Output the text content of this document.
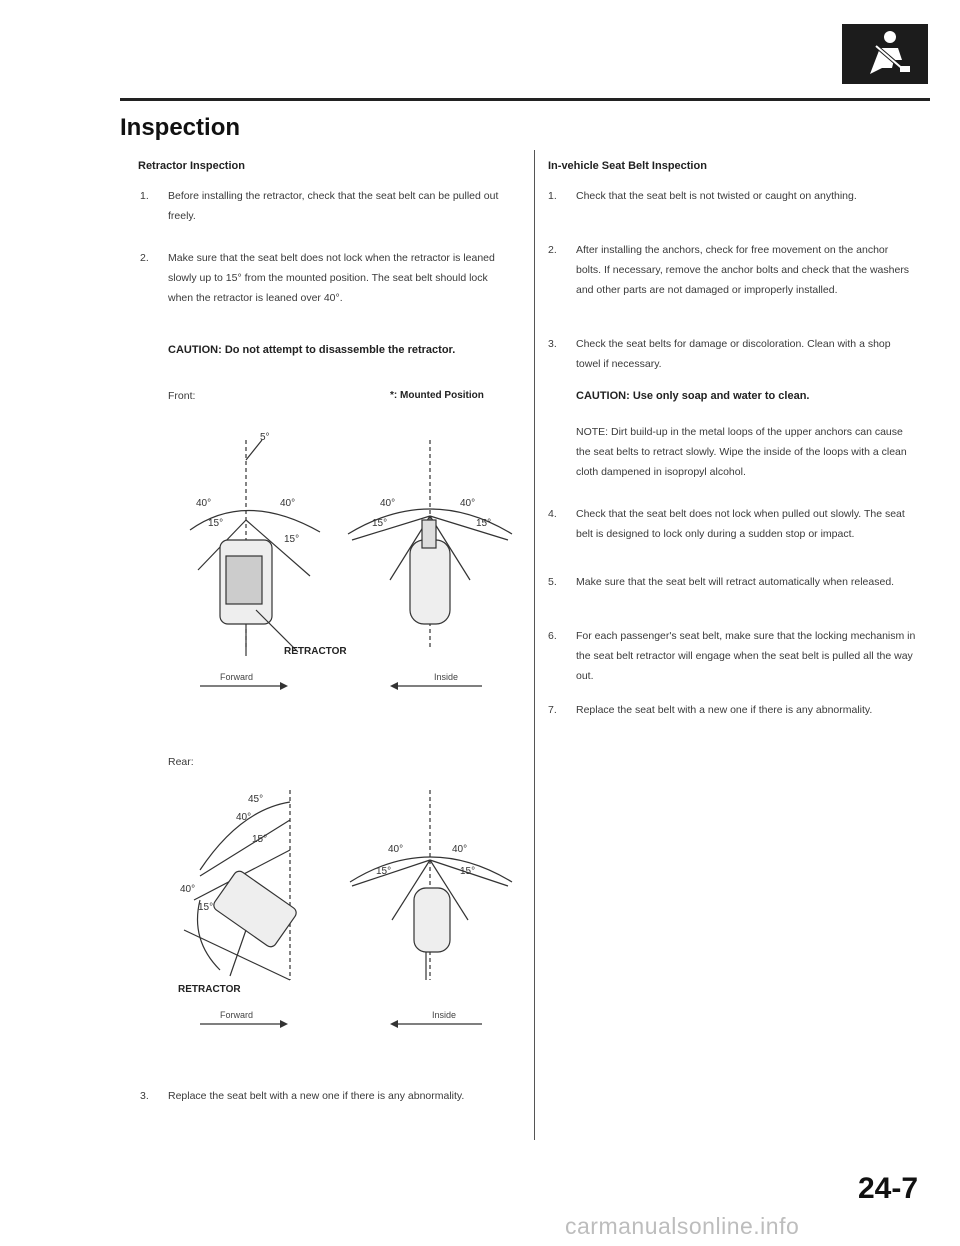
Inspection
Retractor Inspection
1. Before installing the retractor, check that the seat belt can be pulled out freely.
2. Make sure that the seat belt does not lock when the retractor is leaned slowly up to 15° from the mounted position. The seat belt should lock when the retractor is leaned over 40°.
CAUTION: Do not attempt to disassemble the retractor.
Front:	*: Mounted Position
5°
40°	40°
15°
15°
40°	40°
15°	15°
RETRACTOR
Forward	Inside
Rear:
45°
40°
15°
40°
15°
40°	40°
15°	15°
RETRACTOR
Forward	Inside
3. Replace the seat belt with a new one if there is any abnormality.
In-vehicle Seat Belt Inspection
1. Check that the seat belt is not twisted or caught on anything.
2. After installing the anchors, check for free movement on the anchor bolts. If necessary, remove the anchor bolts and check that the washers and other parts are not damaged or improperly installed.
3. Check the seat belts for damage or discoloration. Clean with a shop towel if necessary.
CAUTION: Use only soap and water to clean.
NOTE: Dirt build-up in the metal loops of the upper anchors can cause the seat belts to retract slowly. Wipe the inside of the loops with a clean cloth dampened in isopropyl alcohol.
4. Check that the seat belt does not lock when pulled out slowly. The seat belt is designed to lock only during a sudden stop or impact.
5. Make sure that the seat belt will retract automatically when released.
6. For each passenger's seat belt, make sure that the locking mechanism in the seat belt retractor will engage when the seat belt is pulled all the way out.
7. Replace the seat belt with a new one if there is any abnormality.
24-7
carmanualsonline.info
